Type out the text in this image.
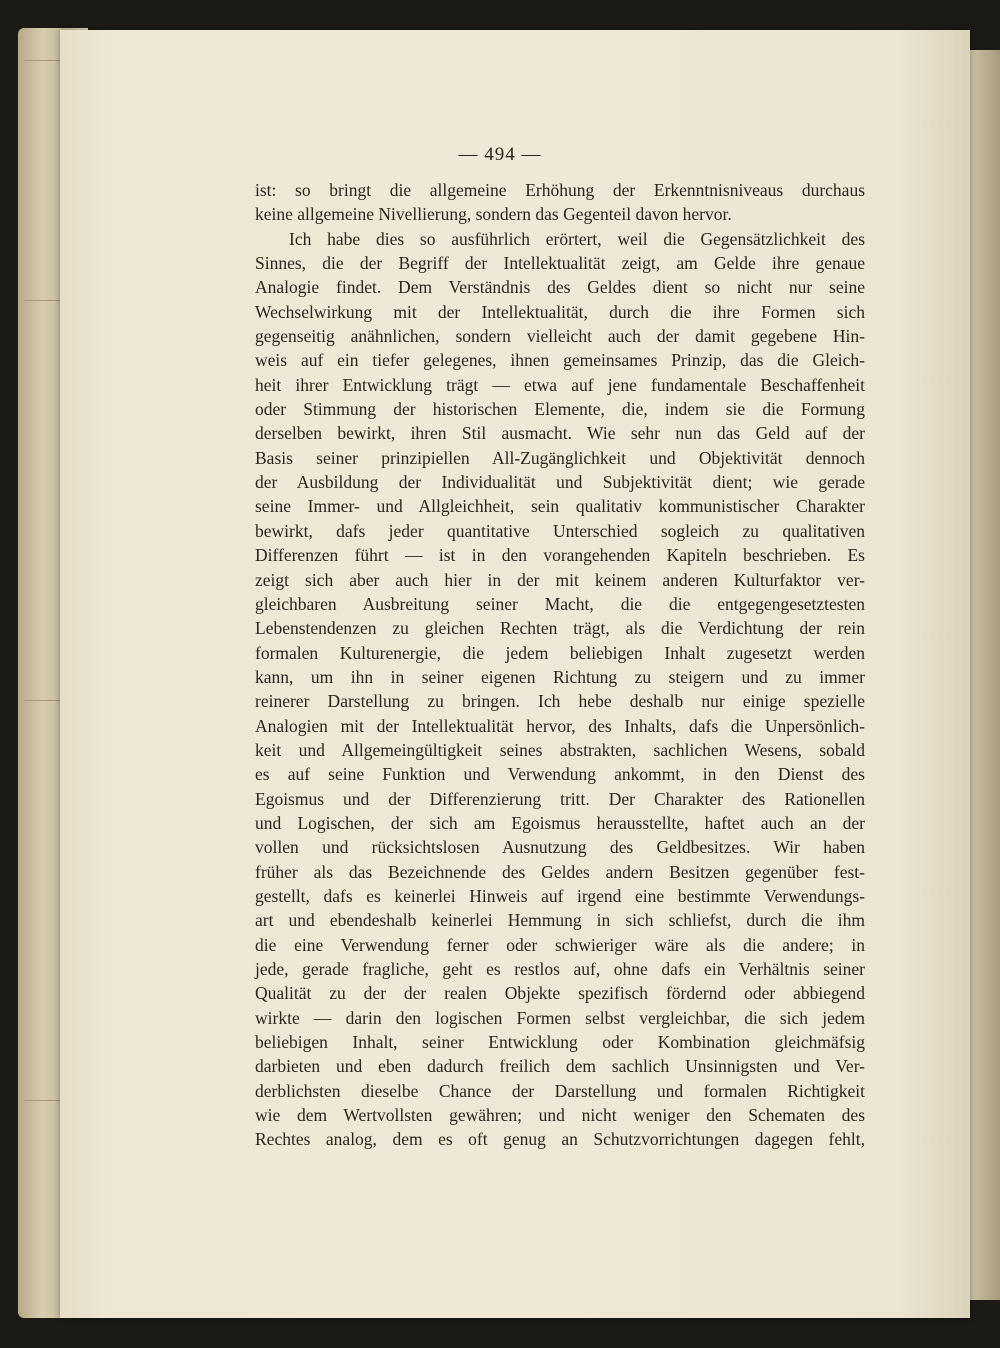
— 494 —
ist: so bringt die allgemeine Erhöhung der Erkenntnisniveaus durchaus
keine allgemeine Nivellierung, sondern das Gegenteil davon hervor.
Ich habe dies so ausführlich erörtert, weil die Gegensätzlichkeit des
Sinnes, die der Begriff der Intellektualität zeigt, am Gelde ihre genaue
Analogie findet. Dem Verständnis des Geldes dient so nicht nur seine
Wechselwirkung mit der Intellektualität, durch die ihre Formen sich
gegenseitig anähnlichen, sondern vielleicht auch der damit gegebene Hin-
weis auf ein tiefer gelegenes, ihnen gemeinsames Prinzip, das die Gleich-
heit ihrer Entwicklung trägt — etwa auf jene fundamentale Beschaffenheit
oder Stimmung der historischen Elemente, die, indem sie die Formung
derselben bewirkt, ihren Stil ausmacht. Wie sehr nun das Geld auf der
Basis seiner prinzipiellen All-Zugänglichkeit und Objektivität dennoch
der Ausbildung der Individualität und Subjektivität dient; wie gerade
seine Immer- und Allgleichheit, sein qualitativ kommunistischer Charakter
bewirkt, dafs jeder quantitative Unterschied sogleich zu qualitativen
Differenzen führt — ist in den vorangehenden Kapiteln beschrieben. Es
zeigt sich aber auch hier in der mit keinem anderen Kulturfaktor ver-
gleichbaren Ausbreitung seiner Macht, die die entgegengesetztesten
Lebenstendenzen zu gleichen Rechten trägt, als die Verdichtung der rein
formalen Kulturenergie, die jedem beliebigen Inhalt zugesetzt werden
kann, um ihn in seiner eigenen Richtung zu steigern und zu immer
reinerer Darstellung zu bringen. Ich hebe deshalb nur einige spezielle
Analogien mit der Intellektualität hervor, des Inhalts, dafs die Unpersönlich-
keit und Allgemeingültigkeit seines abstrakten, sachlichen Wesens, sobald
es auf seine Funktion und Verwendung ankommt, in den Dienst des
Egoismus und der Differenzierung tritt. Der Charakter des Rationellen
und Logischen, der sich am Egoismus herausstellte, haftet auch an der
vollen und rücksichtslosen Ausnutzung des Geldbesitzes. Wir haben
früher als das Bezeichnende des Geldes andern Besitzen gegenüber fest-
gestellt, dafs es keinerlei Hinweis auf irgend eine bestimmte Verwendungs-
art und ebendeshalb keinerlei Hemmung in sich schliefst, durch die ihm
die eine Verwendung ferner oder schwieriger wäre als die andere; in
jede, gerade fragliche, geht es restlos auf, ohne dafs ein Verhältnis seiner
Qualität zu der der realen Objekte spezifisch fördernd oder abbiegend
wirkte — darin den logischen Formen selbst vergleichbar, die sich jedem
beliebigen Inhalt, seiner Entwicklung oder Kombination gleichmäfsig
darbieten und eben dadurch freilich dem sachlich Unsinnigsten und Ver-
derblichsten dieselbe Chance der Darstellung und formalen Richtigkeit
wie dem Wertvollsten gewähren; und nicht weniger den Schematen des
Rechtes analog, dem es oft genug an Schutzvorrichtungen dagegen fehlt,
